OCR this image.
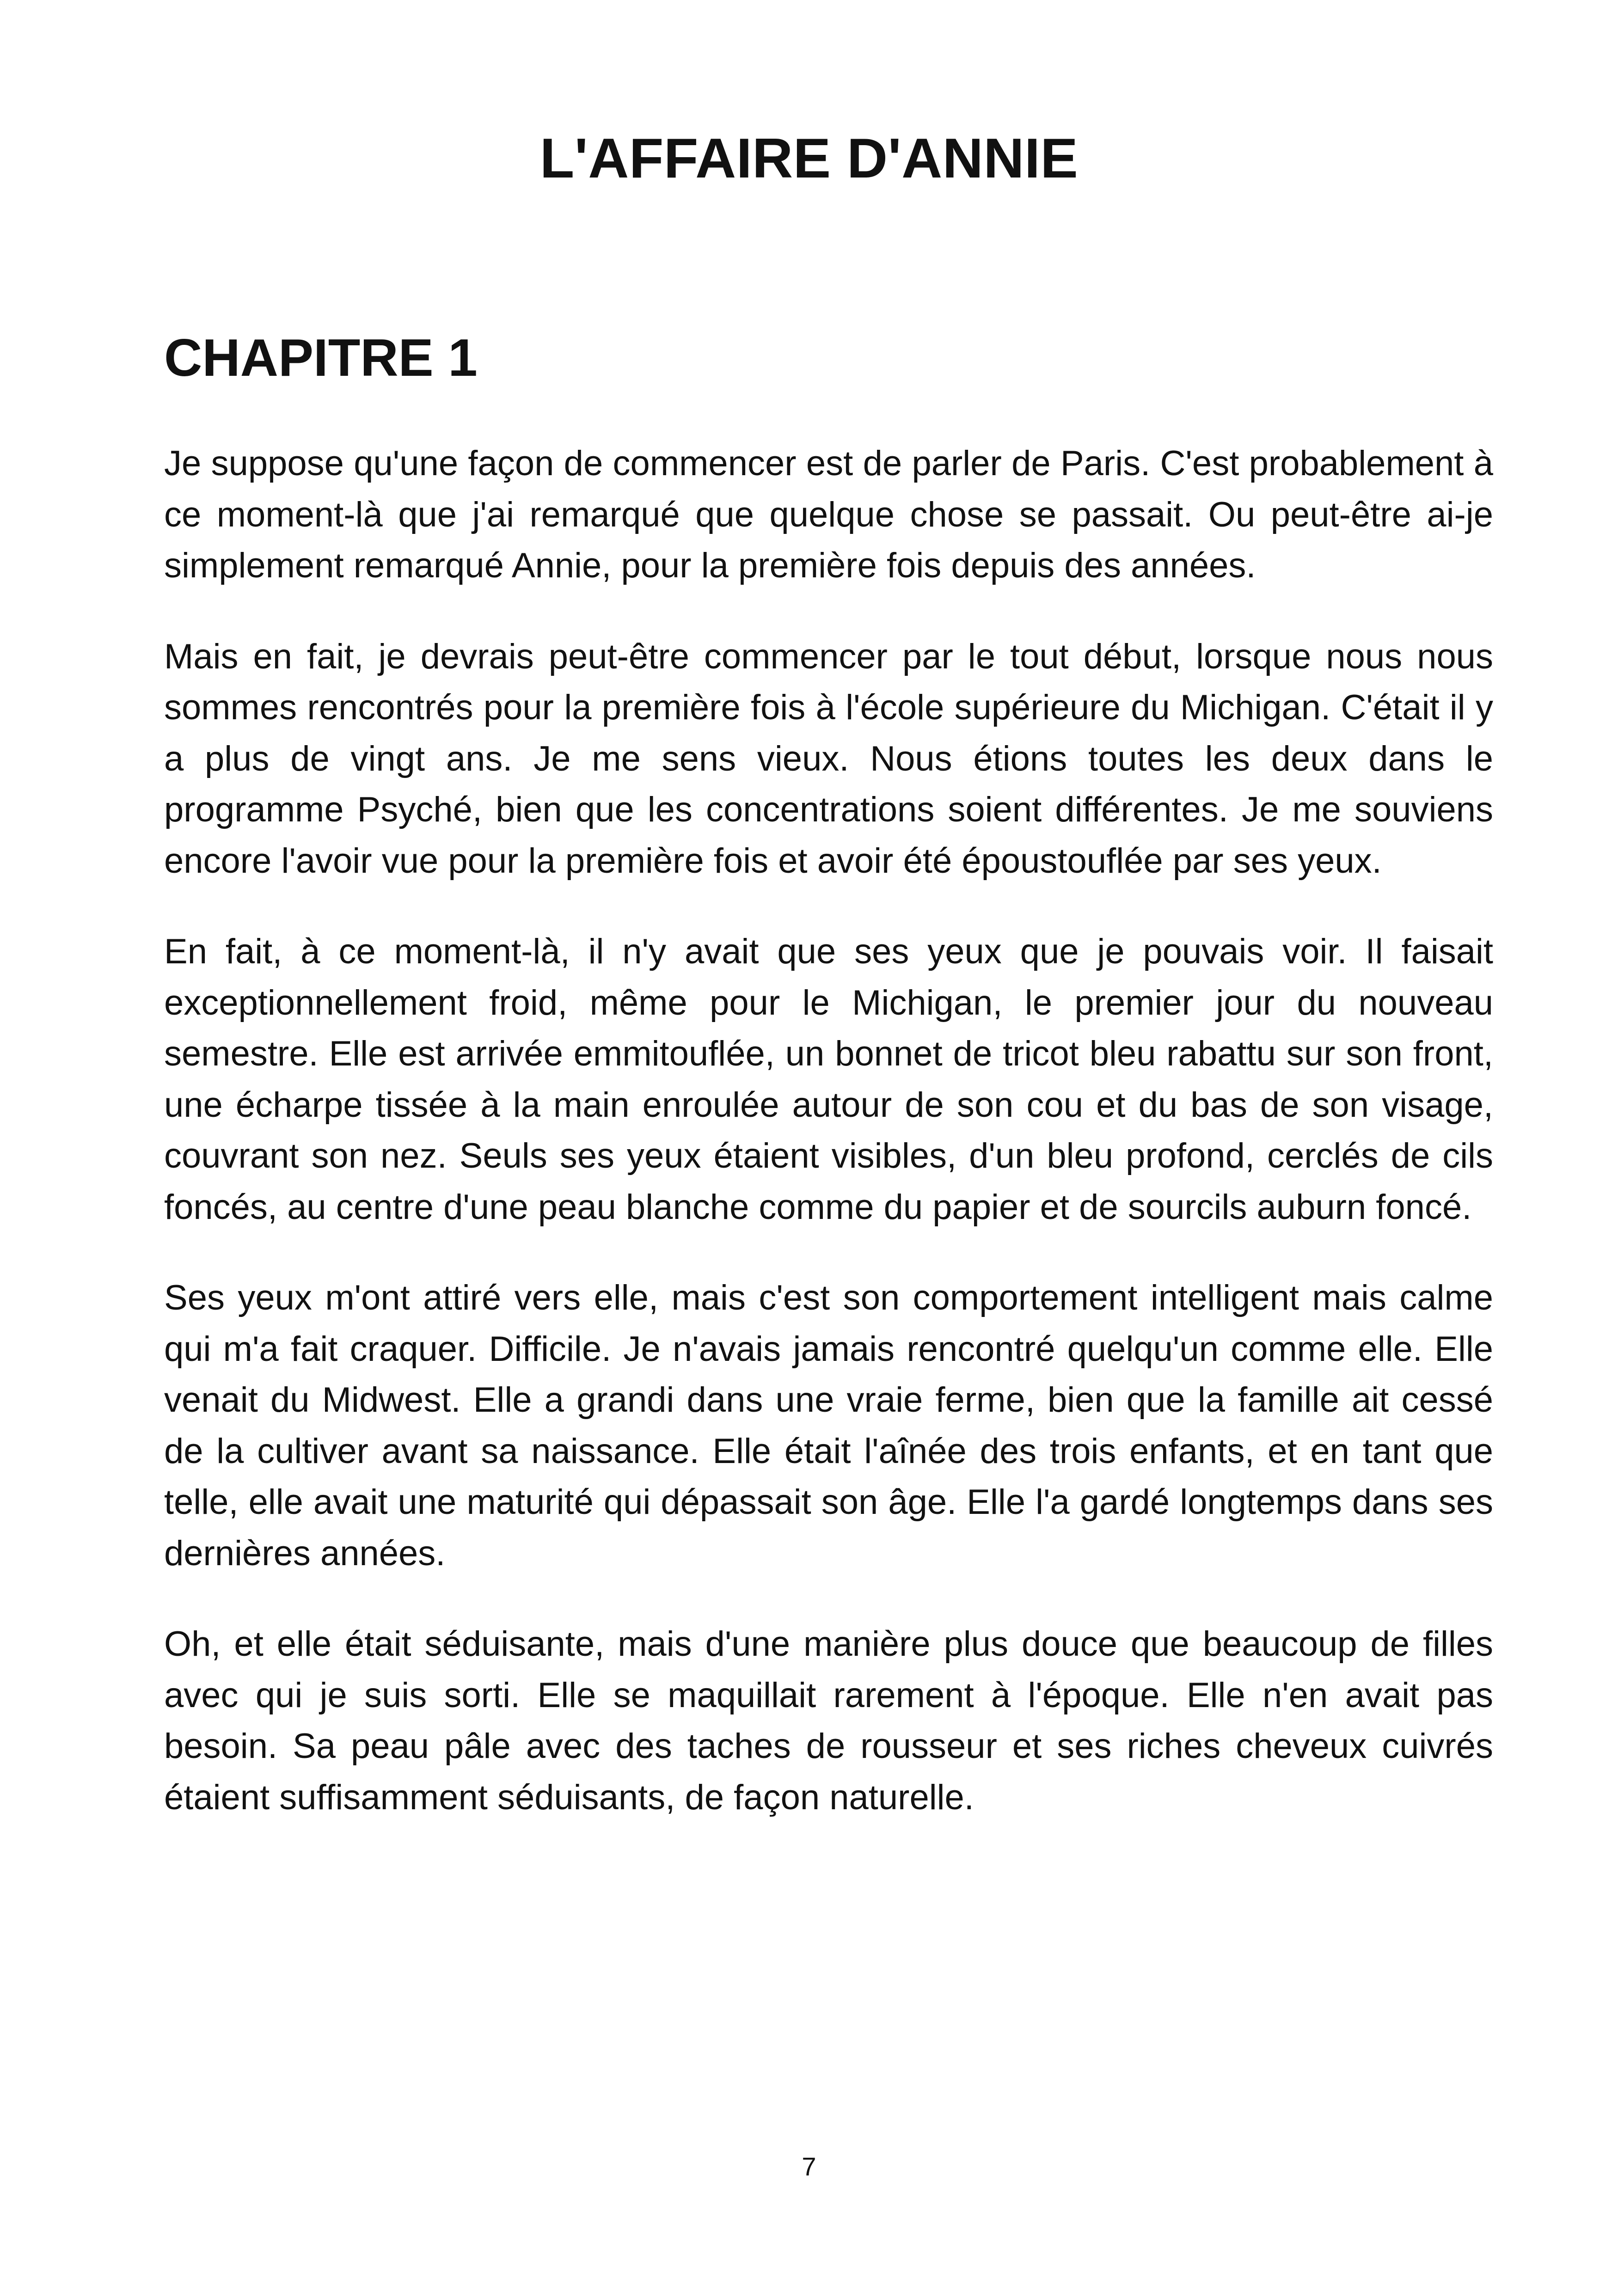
L'AFFAIRE D'ANNIE
CHAPITRE 1

Je suppose qu'une façon de commencer est de parler de Paris. C'est probablement à ce moment-là que j'ai remarqué que quelque chose se passait. Ou peut-être ai-je simplement remarqué Annie, pour la première fois depuis des années.

Mais en fait, je devrais peut-être commencer par le tout début, lorsque nous nous sommes rencontrés pour la première fois à l'école supérieure du Michigan. C'était il y a plus de vingt ans. Je me sens vieux. Nous étions toutes les deux dans le programme Psyché, bien que les concentrations soient différentes. Je me souviens encore l'avoir vue pour la première fois et avoir été époustouflée par ses yeux.

En fait, à ce moment-là, il n'y avait que ses yeux que je pouvais voir. Il faisait exceptionnellement froid, même pour le Michigan, le premier jour du nouveau semestre. Elle est arrivée emmitouflée, un bonnet de tricot bleu rabattu sur son front, une écharpe tissée à la main enroulée autour de son cou et du bas de son visage, couvrant son nez. Seuls ses yeux étaient visibles, d'un bleu profond, cerclés de cils foncés, au centre d'une peau blanche comme du papier et de sourcils auburn foncé.

Ses yeux m'ont attiré vers elle, mais c'est son comportement intelligent mais calme qui m'a fait craquer. Difficile. Je n'avais jamais rencontré quelqu'un comme elle. Elle venait du Midwest. Elle a grandi dans une vraie ferme, bien que la famille ait cessé de la cultiver avant sa naissance. Elle était l'aînée des trois enfants, et en tant que telle, elle avait une maturité qui dépassait son âge. Elle l'a gardé longtemps dans ses dernières années.

Oh, et elle était séduisante, mais d'une manière plus douce que beaucoup de filles avec qui je suis sorti. Elle se maquillait rarement à l'époque. Elle n'en avait pas besoin. Sa peau pâle avec des taches de rousseur et ses riches cheveux cuivrés étaient suffisamment séduisants, de façon naturelle.

7
